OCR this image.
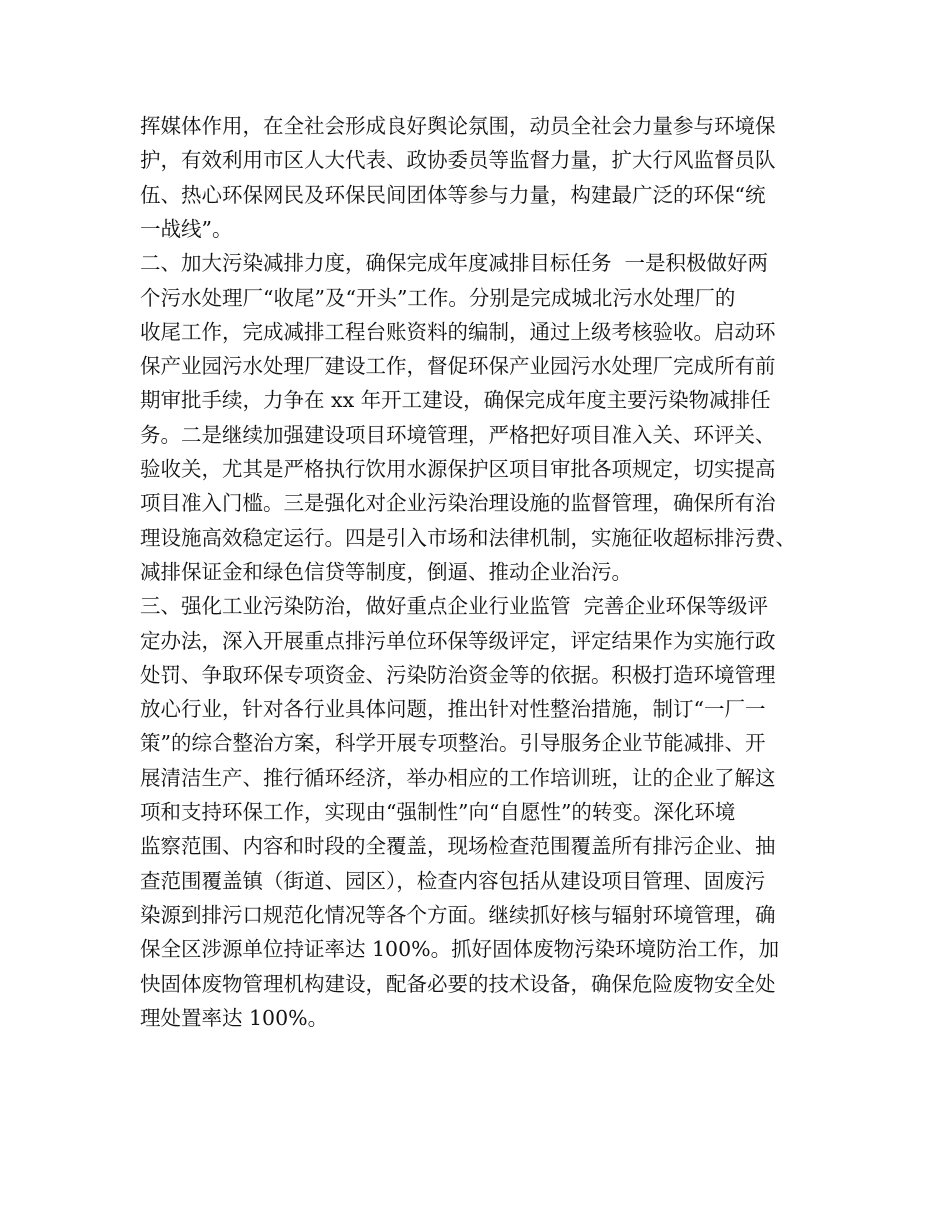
挥媒体作用，在全社会形成良好舆论氛围，动员全社会力量参与环境保
护，有效利用市区人大代表、政协委员等监督力量，扩大行风监督员队
伍、热心环保网民及环保民间团体等参与力量，构建最广泛的环保“统
一战线”。
二、加大污染减排力度，确保完成年度减排目标任务  一是积极做好两
个污水处理厂“收尾”及“开头”工作。分别是完成城北污水处理厂的
收尾工作，完成减排工程台账资料的编制，通过上级考核验收。启动环
保产业园污水处理厂建设工作，督促环保产业园污水处理厂完成所有前
期审批手续，力争在 xx 年开工建设，确保完成年度主要污染物减排任
务。二是继续加强建设项目环境管理，严格把好项目准入关、环评关、
验收关，尤其是严格执行饮用水源保护区项目审批各项规定，切实提高
项目准入门槛。三是强化对企业污染治理设施的监督管理，确保所有治
理设施高效稳定运行。四是引入市场和法律机制，实施征收超标排污费、
减排保证金和绿色信贷等制度，倒逼、推动企业治污。
三、强化工业污染防治，做好重点企业行业监管  完善企业环保等级评
定办法，深入开展重点排污单位环保等级评定，评定结果作为实施行政
处罚、争取环保专项资金、污染防治资金等的依据。积极打造环境管理
放心行业，针对各行业具体问题，推出针对性整治措施，制订“一厂一
策”的综合整治方案，科学开展专项整治。引导服务企业节能减排、开
展清洁生产、推行循环经济，举办相应的工作培训班，让的企业了解这
项和支持环保工作，实现由“强制性”向“自愿性”的转变。深化环境
监察范围、内容和时段的全覆盖，现场检查范围覆盖所有排污企业、抽
查范围覆盖镇（街道、园区），检查内容包括从建设项目管理、固废污
染源到排污口规范化情况等各个方面。继续抓好核与辐射环境管理，确
保全区涉源单位持证率达 100%。抓好固体废物污染环境防治工作，加
快固体废物管理机构建设，配备必要的技术设备，确保危险废物安全处
理处置率达 100%。
